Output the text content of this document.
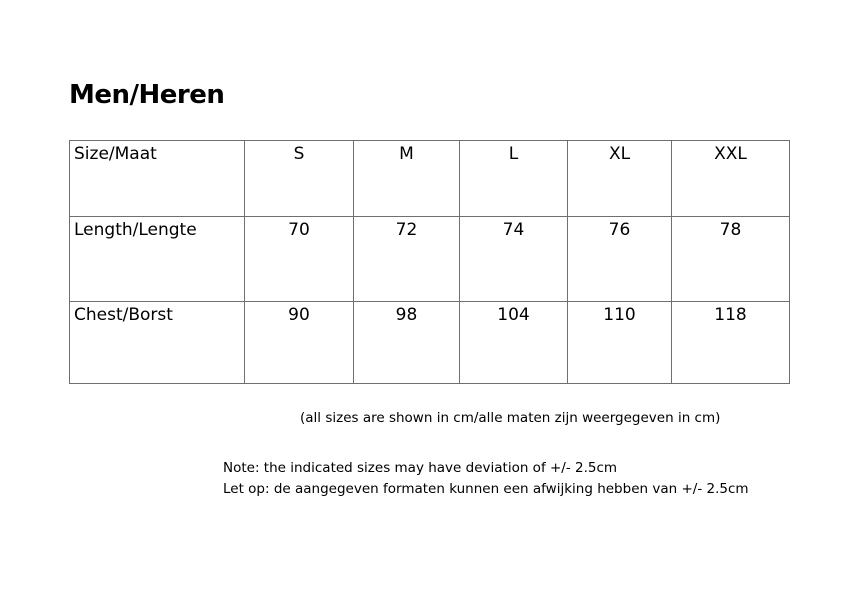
Men/Heren
Size/Maat	S	M	L	XL	XXL

Length/Lengte	70	72	74	76	78

Chest/Borst	90	98	104	110	118

(all sizes are shown in cm/alle maten zijn weergegeven in cm)

Note: the indicated sizes may have deviation of +/- 2.5cm
Let op: de aangegeven formaten kunnen een afwijking hebben van +/- 2.5cm
